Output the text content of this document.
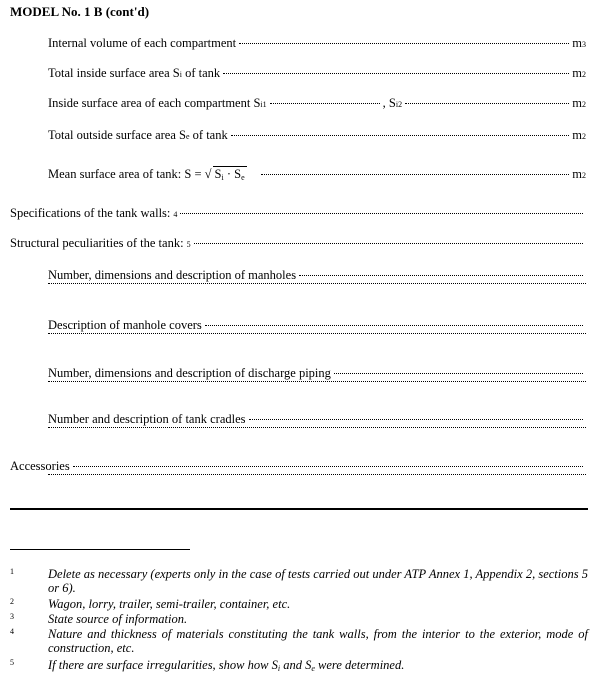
MODEL No. 1 B (cont'd)
Internal volume of each compartment	m 3
Total inside surface area S i of tank	m 2
Inside surface area of each compartment S i1	, S i2	m 2
Total outside surface area S e of tank	m 2
Mean surface area of tank: S = √ $S_i \cdot S_e$	m 2
Specifications of the tank walls: 4
Structural peculiarities of the tank: 5
Number, dimensions and description of manholes
Description of manhole covers
Number, dimensions and description of discharge piping
Number and description of tank cradles
Accessories
1	Delete as necessary (experts only in the case of tests carried out under ATP Annex 1, Appendix 2, sections 5 or 6).
2	Wagon, lorry, trailer, semi-trailer, container, etc.
3	State source of information.
4	Nature and thickness of materials constituting the tank walls, from the interior to the exterior, mode of construction, etc.
5	If there are surface irregularities, show how $S_i$ and $S_e$ were determined.
